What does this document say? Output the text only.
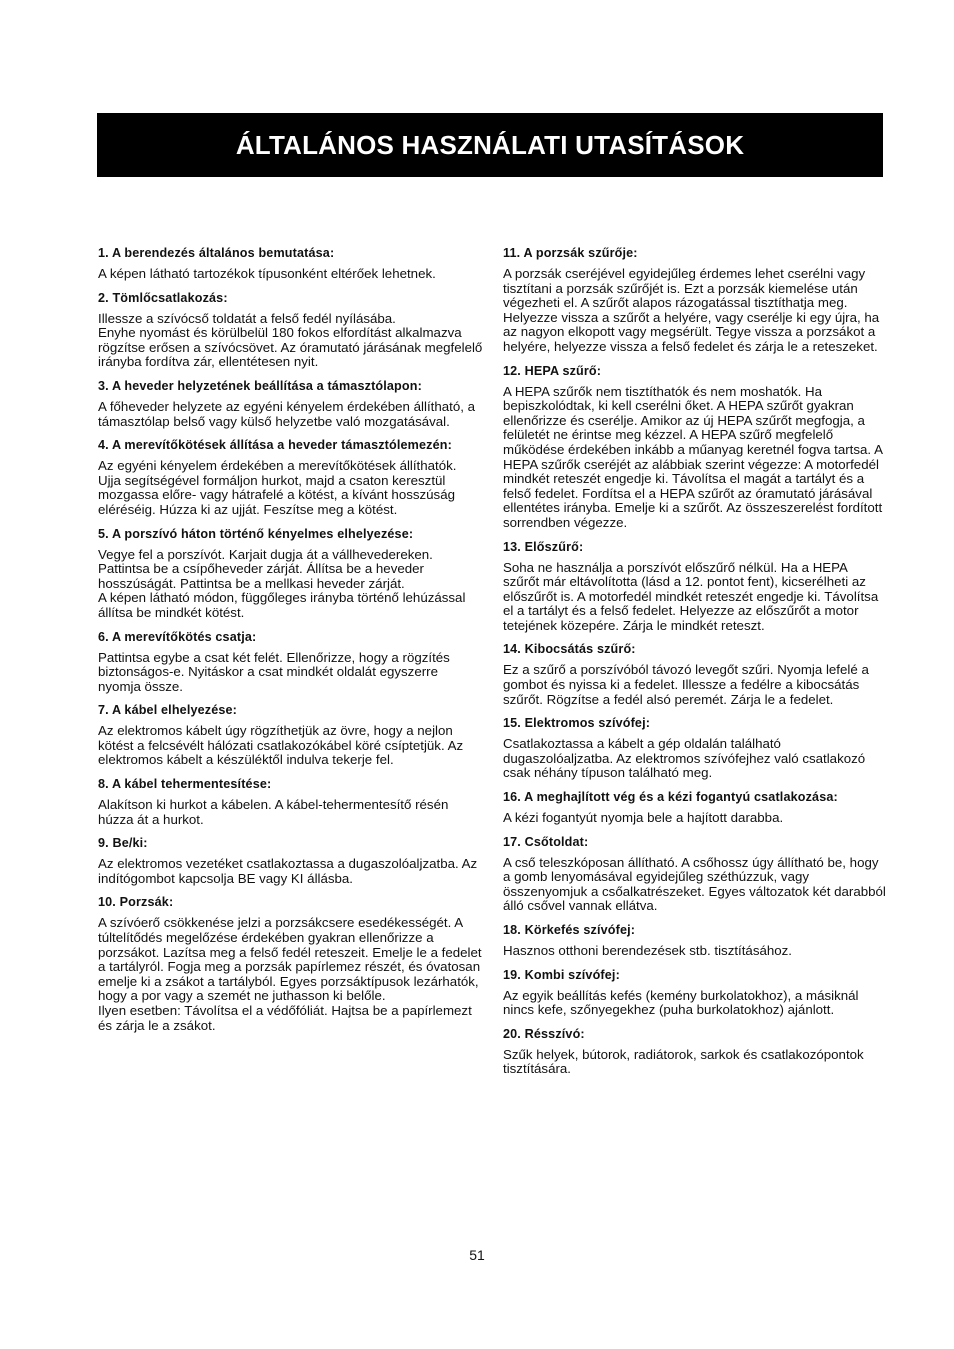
ÁLTALÁNOS HASZNÁLATI UTASÍTÁSOK
1. A berendezés általános bemutatása:

A képen látható tartozékok típusonként eltérőek lehetnek.

2. Tömlőcsatlakozás:

Illessze a szívócső toldatát a felső fedél nyílásába.
Enyhe nyomást és körülbelül 180 fokos elfordítást alkalmazva rögzítse erősen a szívócsövet. Az óramutató járásának megfelelő irányba fordítva zár, ellentétesen nyit.

3. A heveder helyzetének beállítása a támasztólapon:

A főheveder helyzete az egyéni kényelem érdekében állítható, a támasztólap belső vagy külső helyzetbe való mozgatásával.

4. A merevítőkötések állítása a heveder támasztólemezén:

Az egyéni kényelem érdekében a merevítőkötések állíthatók.
Ujja segítségével formáljon hurkot, majd a csaton keresztül mozgassa előre- vagy hátrafelé a kötést, a kívánt hosszúság eléréséig. Húzza ki az ujját. Feszítse meg a kötést.

5. A porszívó háton történő kényelmes elhelyezése:

Vegye fel a porszívót. Karjait dugja át a vállhevedereken. Pattintsa be a csípőheveder zárját. Állítsa be a heveder hosszúságát. Pattintsa be a mellkasi heveder zárját.
A képen látható módon, függőleges irányba történő lehúzással állítsa be mindkét kötést.

6. A merevítőkötés csatja:

Pattintsa egybe a csat két felét. Ellenőrizze, hogy a rögzítés biztonságos-e. Nyitáskor a csat mindkét oldalát egyszerre nyomja össze.

7. A kábel elhelyezése:

Az elektromos kábelt úgy rögzíthetjük az övre, hogy a nejlon kötést a felcsévélt hálózati csatlakozókábel köré csíptetjük. Az elektromos kábelt a készüléktől indulva tekerje fel.

8. A kábel tehermentesítése:

Alakítson ki hurkot a kábelen. A kábel-tehermentesítő résén húzza át a hurkot.

9. Be/ki:

Az elektromos vezetéket csatlakoztassa a dugaszolóaljzatba. Az indítógombot kapcsolja BE vagy KI állásba.

10. Porzsák:

A szívóerő csökkenése jelzi a porzsákcsere esedékességét. A túltelítődés megelőzése érdekében gyakran ellenőrizze a porzsákot. Lazítsa meg a felső fedél reteszeit. Emelje le a fedelet a tartályról. Fogja meg a porzsák papírlemez részét, és óvatosan emelje ki a zsákot a tartályból. Egyes porzsáktípusok lezárhatók, hogy a por vagy a szemét ne juthasson ki belőle.
Ilyen esetben: Távolítsa el a védőfóliát. Hajtsa be a papírlemezt és zárja le a zsákot.

11. A porzsák szűrője:

A porzsák cseréjével egyidejűleg érdemes lehet cserélni vagy tisztítani a porzsák szűrőjét is. Ezt a porzsák kiemelése után végezheti el. A szűrőt alapos rázogatással tisztíthatja meg. Helyezze vissza a szűrőt a helyére, vagy cserélje ki egy újra, ha az nagyon elkopott vagy megsérült. Tegye vissza a porzsákot a helyére, helyezze vissza a felső fedelet és zárja le a reteszeket.

12. HEPA szűrő:

A HEPA szűrők nem tisztíthatók és nem moshatók. Ha bepiszkolódtak, ki kell cserélni őket. A HEPA szűrőt gyakran ellenőrizze és cserélje. Amikor az új HEPA szűrőt megfogja, a felületét ne érintse meg kézzel. A HEPA szűrő megfelelő működése érdekében inkább a műanyag keretnél fogva tartsa. A HEPA szűrők cseréjét az alábbiak szerint végezze: A motorfedél mindkét reteszét engedje ki. Távolítsa el magát a tartályt és a felső fedelet. Fordítsa el a HEPA szűrőt az óramutató járásával ellentétes irányba. Emelje ki a szűrőt. Az összeszerelést fordított sorrendben végezze.

13. Előszűrő:

Soha ne használja a porszívót előszűrő nélkül. Ha a HEPA szűrőt már eltávolította (lásd a 12. pontot fent), kicserélheti az előszűrőt is. A motorfedél mindkét reteszét engedje ki. Távolítsa el a tartályt és a felső fedelet. Helyezze az előszűrőt a motor tetejének közepére. Zárja le mindkét reteszt.

14. Kibocsátás szűrő:

Ez a szűrő a porszívóból távozó levegőt szűri. Nyomja lefelé a gombot és nyissa ki a fedelet. Illessze a fedélre a kibocsátás szűrőt. Rögzítse a fedél alsó peremét. Zárja le a fedelet.

15. Elektromos szívófej:

Csatlakoztassa a kábelt a gép oldalán található dugaszolóaljzatba. Az elektromos szívófejhez való csatlakozó csak néhány típuson található meg.

16. A meghajlított vég és a kézi fogantyú csatlakozása:

A kézi fogantyút nyomja bele a hajított darabba.

17. Csőtoldat:

A cső teleszkóposan állítható. A csőhossz úgy állítható be, hogy a gomb lenyomásával egyidejűleg széthúzzuk, vagy összenyomjuk a csőalkatrészeket. Egyes változatok két darabból álló csővel vannak ellátva.

18. Körkefés szívófej:

Hasznos otthoni berendezések stb. tisztításához.

19. Kombi szívófej:

Az egyik beállítás kefés (kemény burkolatokhoz), a másiknál nincs kefe, szőnyegekhez (puha burkolatokhoz) ajánlott.

20. Résszívó:

Szűk helyek, bútorok, radiátorok, sarkok és csatlakozópontok tisztítására.

51
